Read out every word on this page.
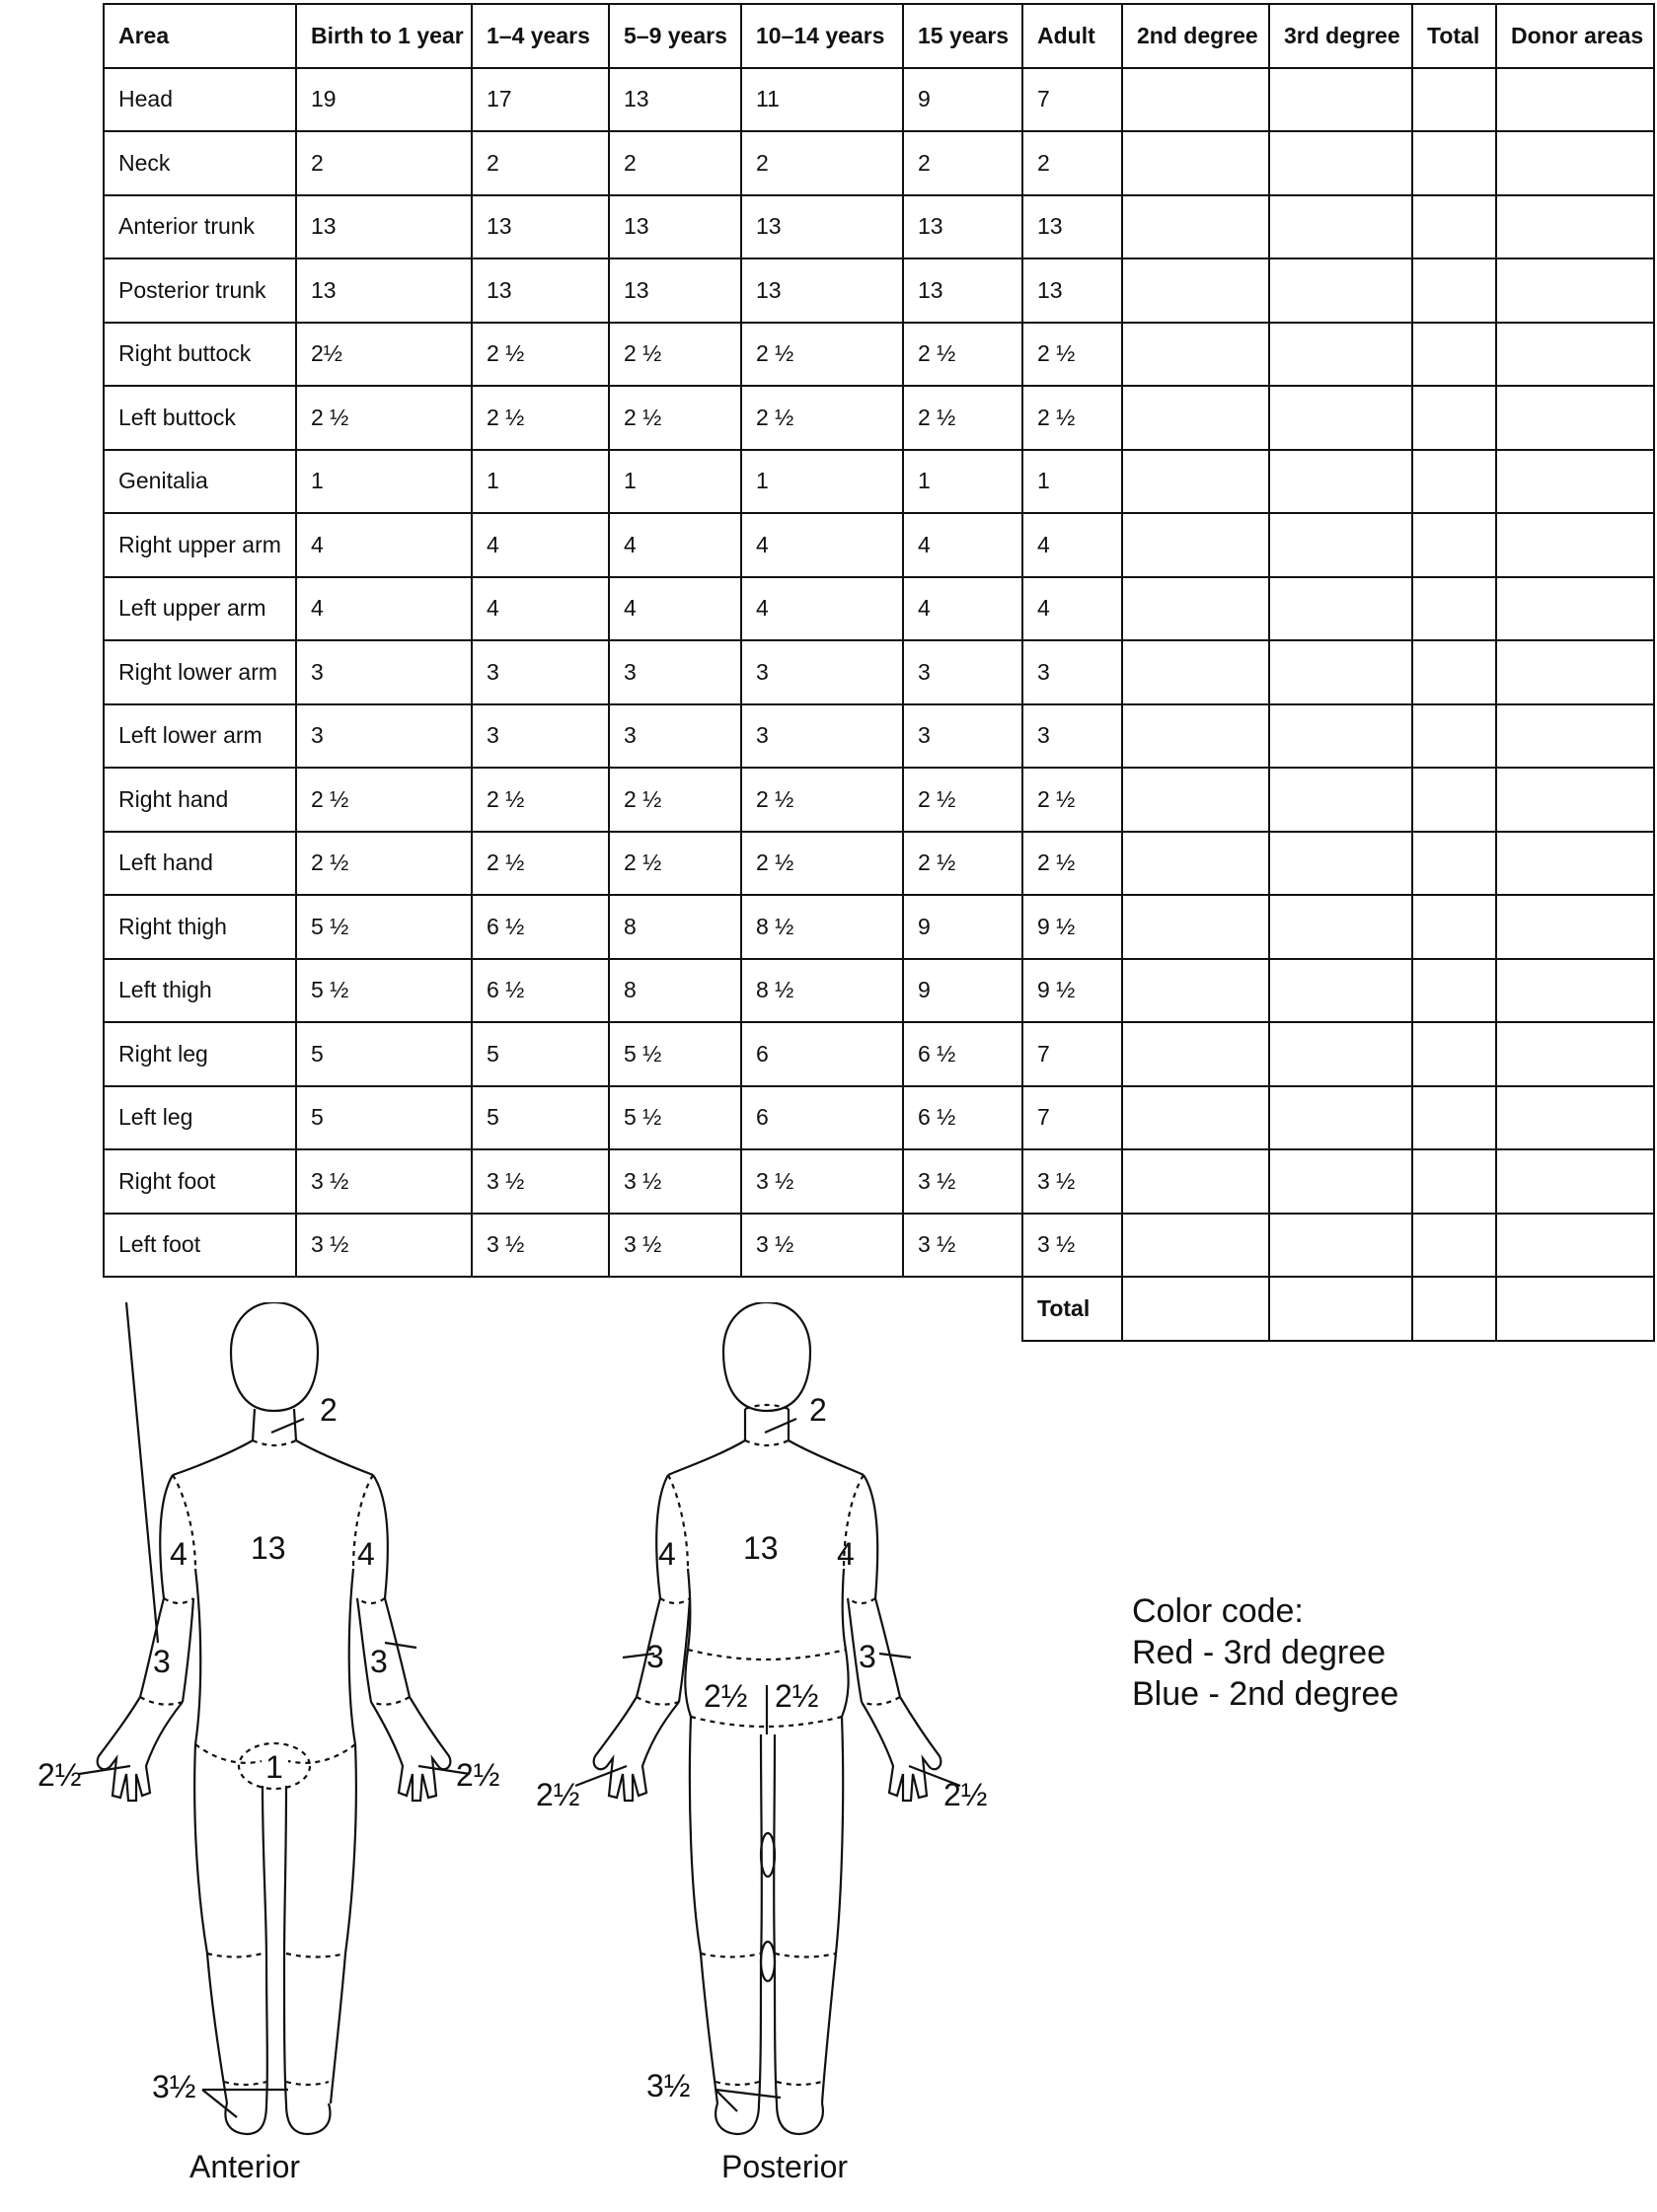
Area	Birth to 1 year	1–4 years	5–9 years	10–14 years	15 years	Adult	2nd degree	3rd degree	Total	Donor areas
Head	19	17	13	11	9	7				
Neck	2	2	2	2	2	2				
Anterior trunk	13	13	13	13	13	13				
Posterior trunk	13	13	13	13	13	13				
Right buttock	2½	2 ½	2 ½	2 ½	2 ½	2 ½				
Left buttock	2 ½	2 ½	2 ½	2 ½	2 ½	2 ½				
Genitalia	1	1	1	1	1	1				
Right upper arm	4	4	4	4	4	4				
Left upper arm	4	4	4	4	4	4				
Right lower arm	3	3	3	3	3	3				
Left lower arm	3	3	3	3	3	3				
Right hand	2 ½	2 ½	2 ½	2 ½	2 ½	2 ½				
Left hand	2 ½	2 ½	2 ½	2 ½	2 ½	2 ½				
Right thigh	5 ½	6 ½	8	8 ½	9	9 ½				
Left thigh	5 ½	6 ½	8	8 ½	9	9 ½				
Right leg	5	5	5 ½	6	6 ½	7				
Left leg	5	5	5 ½	6	6 ½	7				
Right foot	3 ½	3 ½	3 ½	3 ½	3 ½	3 ½				
Left foot	3 ½	3 ½	3 ½	3 ½	3 ½	3 ½				
						Total				
2
13
4	4
3	3
1
2½	2½
3½
2
13
4	4
3	3
2½ 2½
2½	2½
3½
Anterior	Posterior
Color code:
Red - 3rd degree
Blue - 2nd degree
